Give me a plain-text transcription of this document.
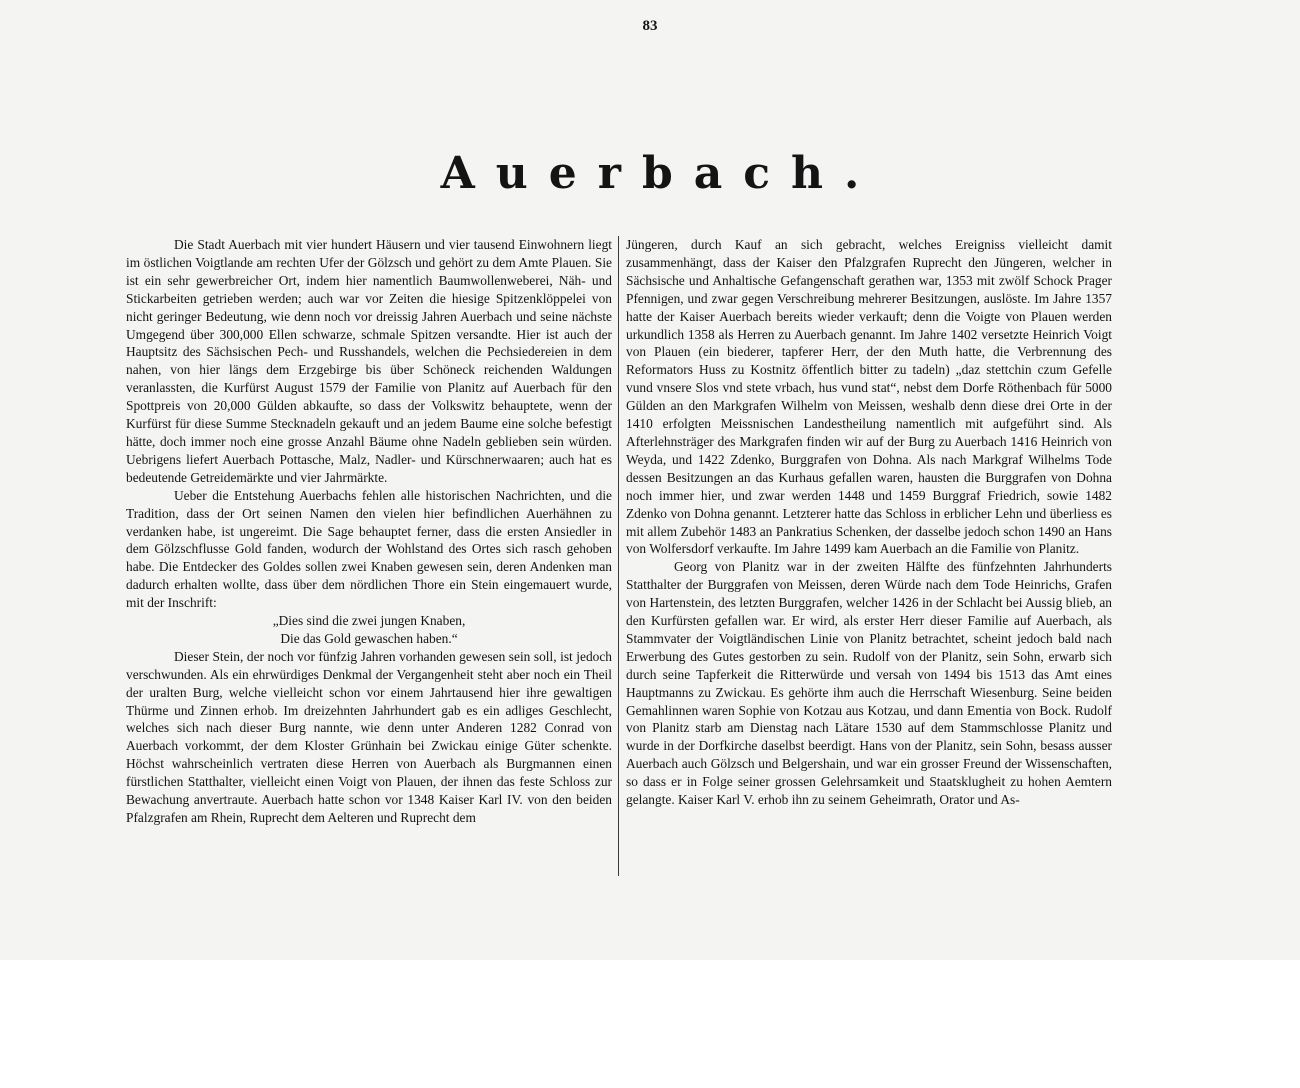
83
Auerbach.

Die Stadt Auerbach mit vier hundert Häusern und vier tausend Einwohnern liegt im östlichen Voigtlande am rechten Ufer der Gölzsch und gehört zu dem Amte Plauen. Sie ist ein sehr gewerbreicher Ort, indem hier namentlich Baumwollenweberei, Näh- und Stickarbeiten getrieben werden; auch war vor Zeiten die hiesige Spitzenklöppelei von nicht geringer Bedeutung, wie denn noch vor dreissig Jahren Auerbach und seine nächste Umgegend über 300,000 Ellen schwarze, schmale Spitzen versandte. Hier ist auch der Hauptsitz des Sächsischen Pech- und Russhandels, welchen die Pechsiedereien in dem nahen, von hier längs dem Erzgebirge bis über Schöneck reichenden Waldungen veranlassten, die Kurfürst August 1579 der Familie von Planitz auf Auerbach für den Spottpreis von 20,000 Gülden abkaufte, so dass der Volkswitz behauptete, wenn der Kurfürst für diese Summe Stecknadeln gekauft und an jedem Baume eine solche befestigt hätte, doch immer noch eine grosse Anzahl Bäume ohne Nadeln geblieben sein würden. Uebrigens liefert Auerbach Pottasche, Malz, Nadler- und Kürschnerwaaren; auch hat es bedeutende Getreidemärkte und vier Jahrmärkte.

Ueber die Entstehung Auerbachs fehlen alle historischen Nachrichten, und die Tradition, dass der Ort seinen Namen den vielen hier befindlichen Auerhähnen zu verdanken habe, ist ungereimt. Die Sage behauptet ferner, dass die ersten Ansiedler in dem Gölzschflusse Gold fanden, wodurch der Wohlstand des Ortes sich rasch gehoben habe. Die Entdecker des Goldes sollen zwei Knaben gewesen sein, deren Andenken man dadurch erhalten wollte, dass über dem nördlichen Thore ein Stein eingemauert wurde, mit der Inschrift:

„Dies sind die zwei jungen Knaben,
Die das Gold gewaschen haben.“

Dieser Stein, der noch vor fünfzig Jahren vorhanden gewesen sein soll, ist jedoch verschwunden. Als ein ehrwürdiges Denkmal der Vergangenheit steht aber noch ein Theil der uralten Burg, welche vielleicht schon vor einem Jahrtausend hier ihre gewaltigen Thürme und Zinnen erhob. Im dreizehnten Jahrhundert gab es ein adliges Geschlecht, welches sich nach dieser Burg nannte, wie denn unter Anderen 1282 Conrad von Auerbach vorkommt, der dem Kloster Grünhain bei Zwickau einige Güter schenkte. Höchst wahrscheinlich vertraten diese Herren von Auerbach als Burgmannen einen fürstlichen Statthalter, vielleicht einen Voigt von Plauen, der ihnen das feste Schloss zur Bewachung anvertraute. Auerbach hatte schon vor 1348 Kaiser Karl IV. von den beiden Pfalzgrafen am Rhein, Ruprecht dem Aelteren und Ruprecht dem

Jüngeren, durch Kauf an sich gebracht, welches Ereigniss vielleicht damit zusammenhängt, dass der Kaiser den Pfalzgrafen Ruprecht den Jüngeren, welcher in Sächsische und Anhaltische Gefangenschaft gerathen war, 1353 mit zwölf Schock Prager Pfennigen, und zwar gegen Verschreibung mehrerer Besitzungen, auslöste. Im Jahre 1357 hatte der Kaiser Auerbach bereits wieder verkauft; denn die Voigte von Plauen werden urkundlich 1358 als Herren zu Auerbach genannt. Im Jahre 1402 versetzte Heinrich Voigt von Plauen (ein biederer, tapferer Herr, der den Muth hatte, die Verbrennung des Reformators Huss zu Kostnitz öffentlich bitter zu tadeln) „daz stettchin czum Gefelle vund vnsere Slos vnd stete vrbach, hus vund stat“, nebst dem Dorfe Röthenbach für 5000 Gülden an den Markgrafen Wilhelm von Meissen, weshalb denn diese drei Orte in der 1410 erfolgten Meissnischen Landestheilung namentlich mit aufgeführt sind. Als Afterlehnsträger des Markgrafen finden wir auf der Burg zu Auerbach 1416 Heinrich von Weyda, und 1422 Zdenko, Burggrafen von Dohna. Als nach Markgraf Wilhelms Tode dessen Besitzungen an das Kurhaus gefallen waren, hausten die Burggrafen von Dohna noch immer hier, und zwar werden 1448 und 1459 Burggraf Friedrich, sowie 1482 Zdenko von Dohna genannt. Letzterer hatte das Schloss in erblicher Lehn und überliess es mit allem Zubehör 1483 an Pankratius Schenken, der dasselbe jedoch schon 1490 an Hans von Wolfersdorf verkaufte. Im Jahre 1499 kam Auerbach an die Familie von Planitz.

Georg von Planitz war in der zweiten Hälfte des fünfzehnten Jahrhunderts Statthalter der Burggrafen von Meissen, deren Würde nach dem Tode Heinrichs, Grafen von Hartenstein, des letzten Burggrafen, welcher 1426 in der Schlacht bei Aussig blieb, an den Kurfürsten gefallen war. Er wird, als erster Herr dieser Familie auf Auerbach, als Stammvater der Voigtländischen Linie von Planitz betrachtet, scheint jedoch bald nach Erwerbung des Gutes gestorben zu sein. Rudolf von der Planitz, sein Sohn, erwarb sich durch seine Tapferkeit die Ritterwürde und versah von 1494 bis 1513 das Amt eines Hauptmanns zu Zwickau. Es gehörte ihm auch die Herrschaft Wiesenburg. Seine beiden Gemahlinnen waren Sophie von Kotzau aus Kotzau, und dann Ementia von Bock. Rudolf von Planitz starb am Dienstag nach Lätare 1530 auf dem Stammschlosse Planitz und wurde in der Dorfkirche daselbst beerdigt. Hans von der Planitz, sein Sohn, besass ausser Auerbach auch Gölzsch und Belgershain, und war ein grosser Freund der Wissenschaften, so dass er in Folge seiner grossen Gelehrsamkeit und Staatsklugheit zu hohen Aemtern gelangte. Kaiser Karl V. erhob ihn zu seinem Geheimrath, Orator und As-
